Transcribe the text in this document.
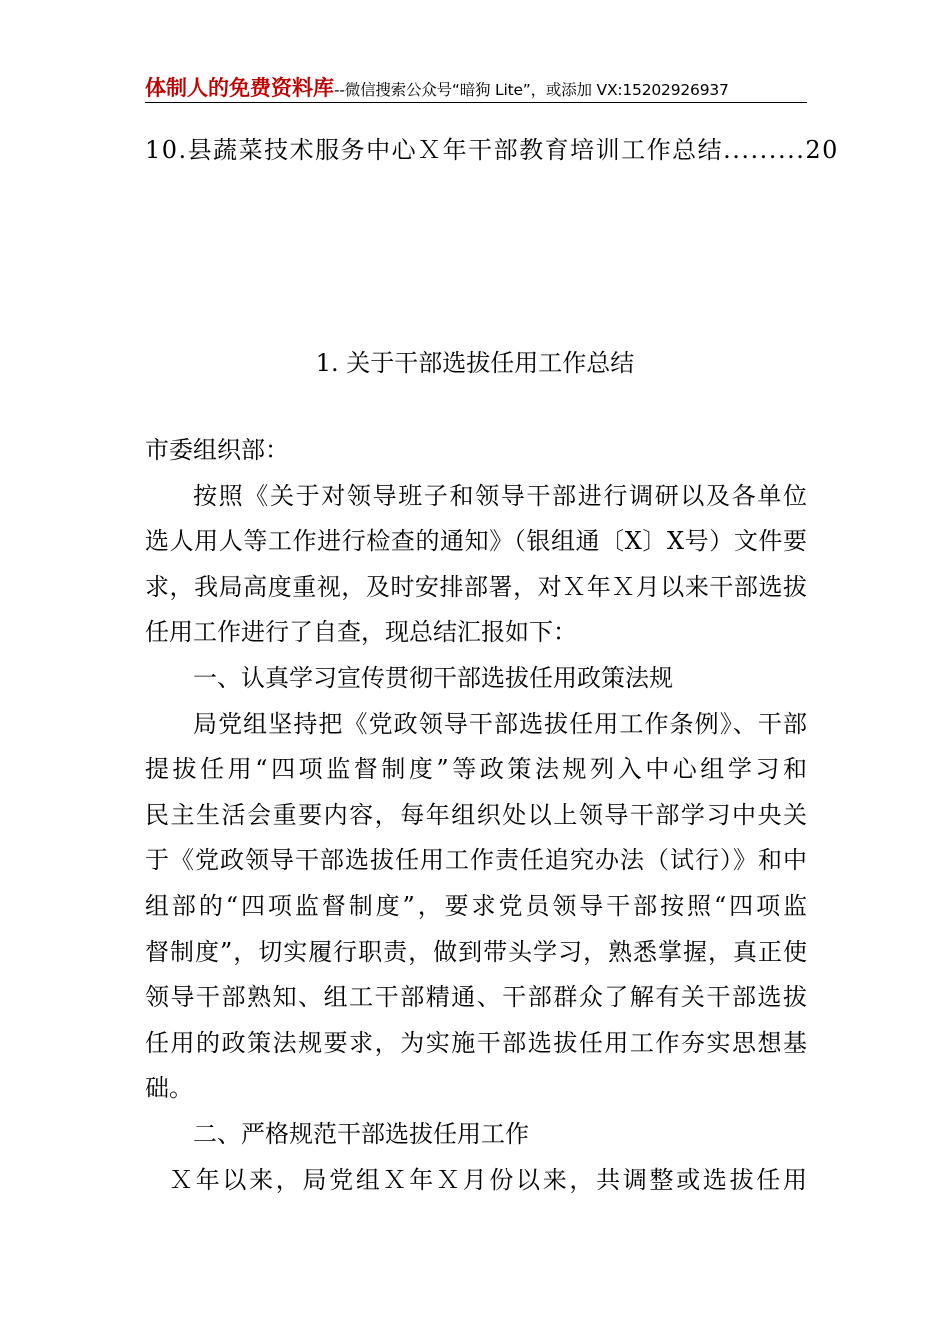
体制人的免费资料库--微信搜索公众号“暗狗 Lite”，或添加 VX:15202926937
10.县蔬菜技术服务中心Ｘ年干部教育培训工作总结.........20
1. 关于干部选拔任用工作总结
市委组织部：
按照《关于对领导班子和领导干部进行调研以及各单位
选人用人等工作进行检查的通知》（银组通〔X〕X号）文件要
求，我局高度重视，及时安排部署，对Ｘ年Ｘ月以来干部选拔
任用工作进行了自查，现总结汇报如下：
一、认真学习宣传贯彻干部选拔任用政策法规
局党组坚持把《党政领导干部选拔任用工作条例》、干部
提拔任用“四项监督制度”等政策法规列入中心组学习和
民主生活会重要内容，每年组织处以上领导干部学习中央关
于《党政领导干部选拔任用工作责任追究办法（试行）》和中
组部的“四项监督制度”，要求党员领导干部按照“四项监
督制度”，切实履行职责，做到带头学习，熟悉掌握，真正使
领导干部熟知、组工干部精通、干部群众了解有关干部选拔
任用的政策法规要求，为实施干部选拔任用工作夯实思想基
础。
二、严格规范干部选拔任用工作
Ｘ年以来，局党组Ｘ年Ｘ月份以来，共调整或选拔任用
